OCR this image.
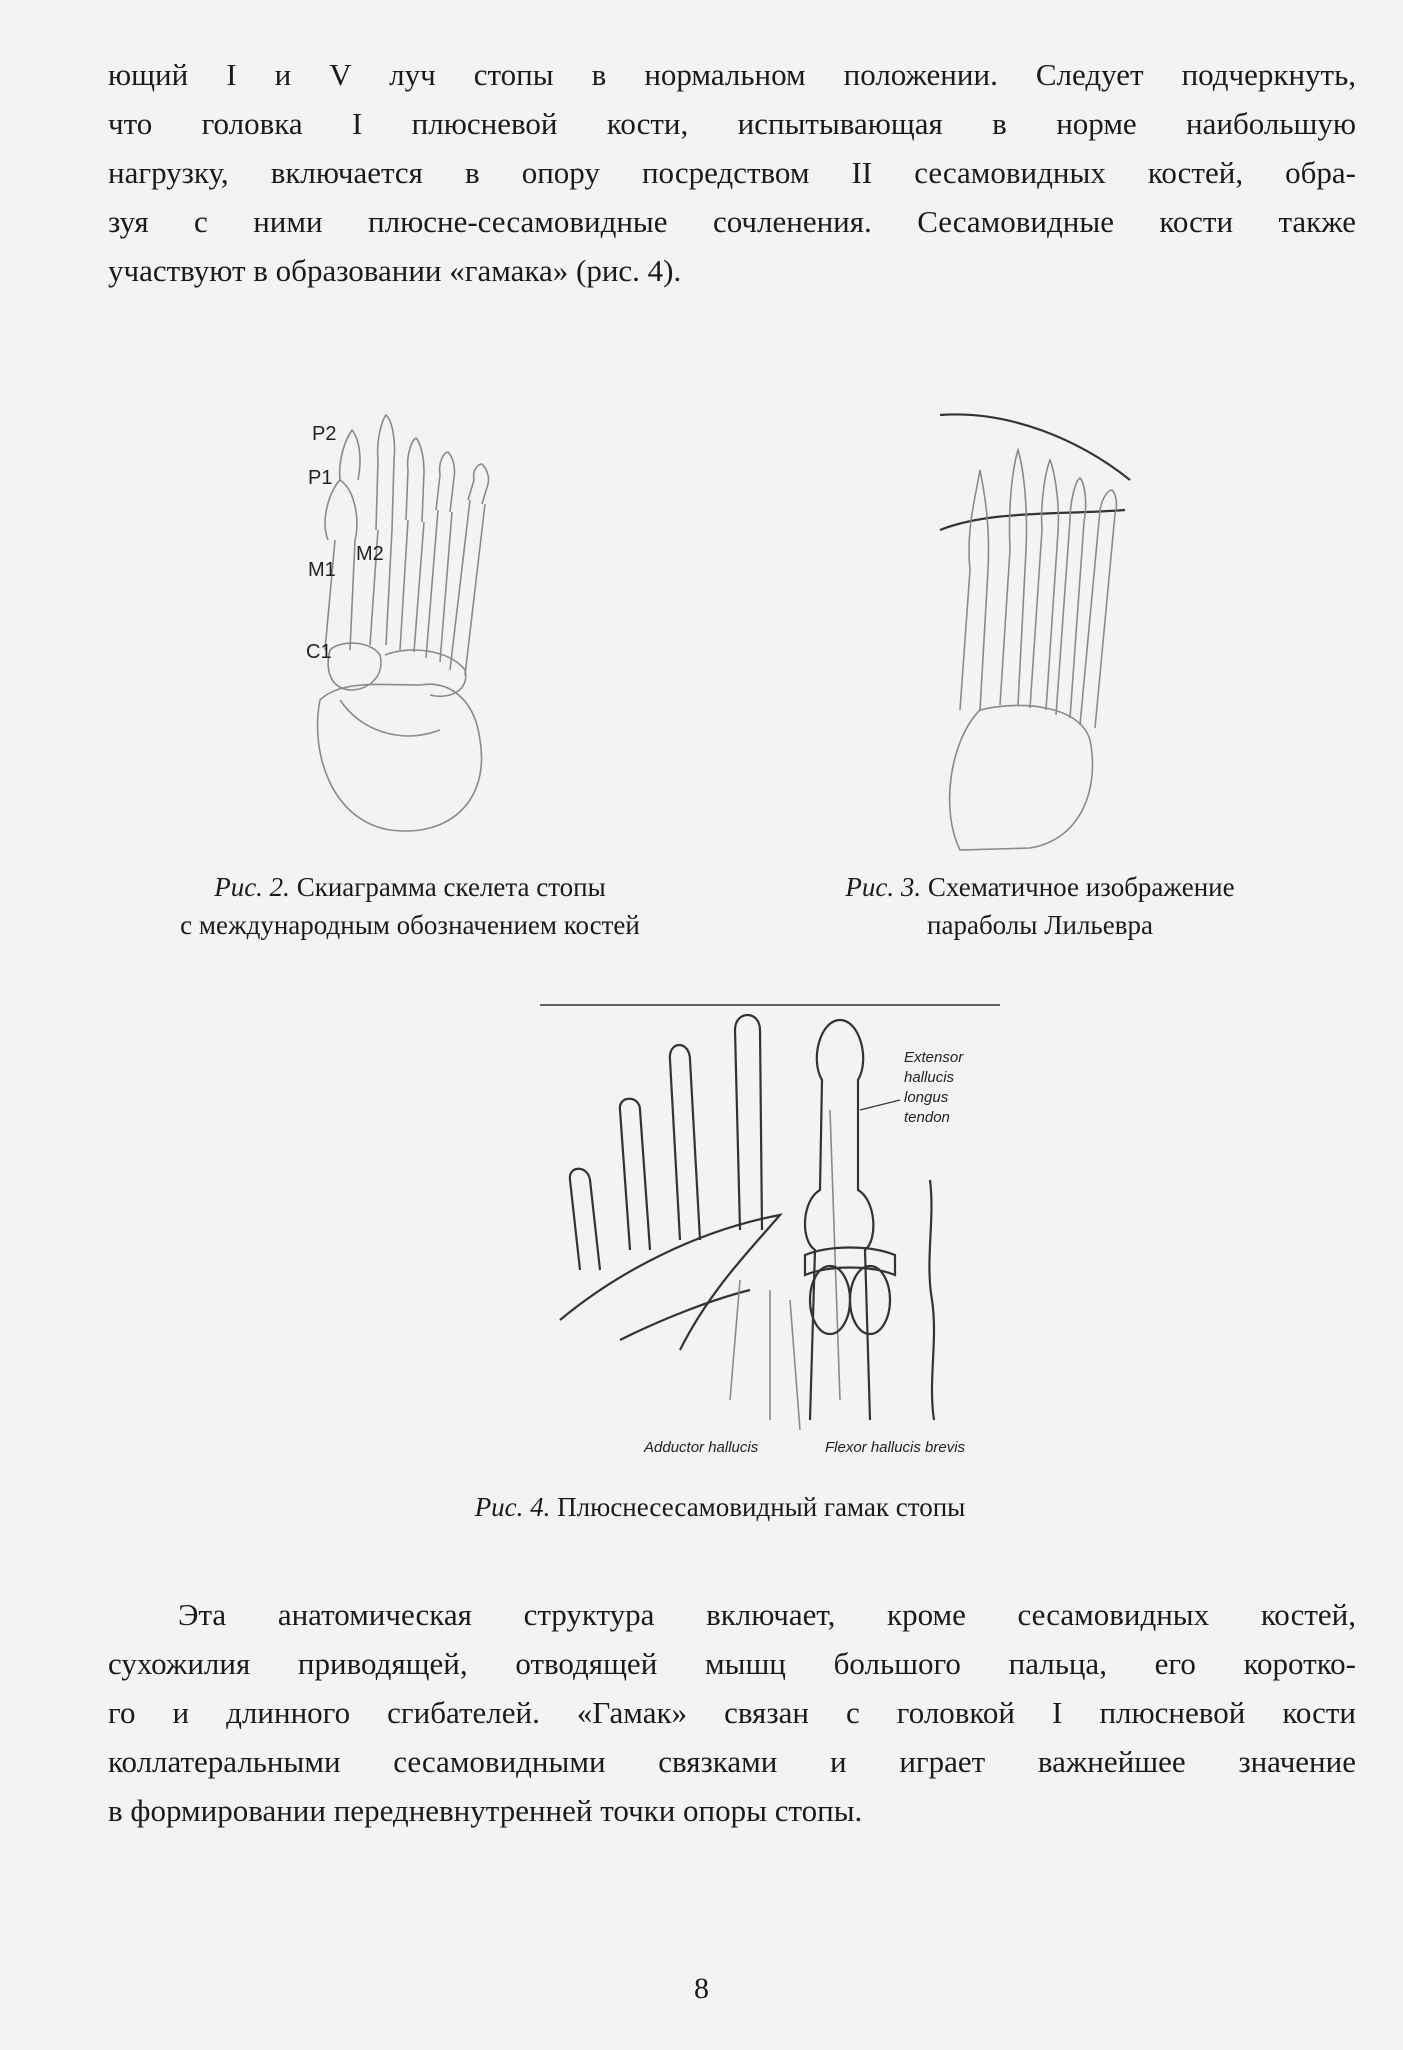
ющий I и V луч стопы в нормальном положении. Следует подчеркнуть,
что головка I плюсневой кости, испытывающая в норме наибольшую
нагрузку, включается в опору посредством II сесамовидных костей, обра-
зуя с ними плюсне-сесамовидные сочленения. Сесамовидные кости также
участвуют в образовании «гамака» (рис. 4).
P2
P1
M1
M2
C1
Рис. 2. Скиаграмма скелета стопы
с международным обозначением костей
Рис. 3. Схематичное изображение
параболы Лильевра
Extensor
hallucis
longus
tendon
Adductor hallucis	Flexor hallucis brevis
Рис. 4. Плюснесесамовидный гамак стопы
Эта анатомическая структура включает, кроме сесамовидных костей,
сухожилия приводящей, отводящей мышц большого пальца, его коротко-
го и длинного сгибателей. «Гамак» связан с головкой I плюсневой кости
коллатеральными сесамовидными связками и играет важнейшее значение
в формировании передневнутренней точки опоры стопы.
8
